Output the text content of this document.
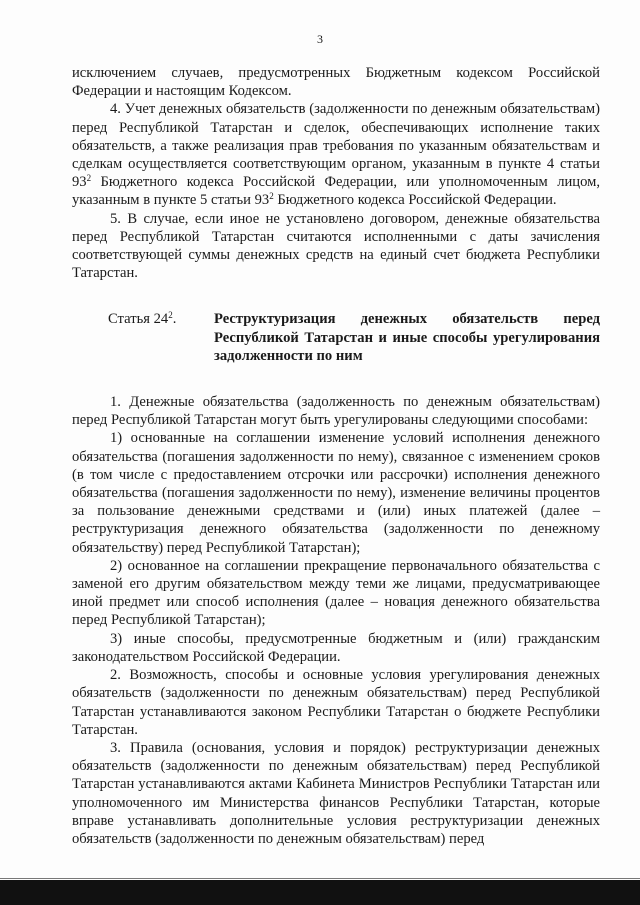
3

исключением случаев, предусмотренных Бюджетным кодексом Российской Федерации и настоящим Кодексом.

4. Учет денежных обязательств (задолженности по денежным обязательствам) перед Республикой Татарстан и сделок, обеспечивающих исполнение таких обязательств, а также реализация прав требования по указанным обязательствам и сделкам осуществляется соответствующим органом, указанным в пункте 4 статьи $93^2$ Бюджетного кодекса Российской Федерации, или уполномоченным лицом, указанным в пункте 5 статьи $93^2$ Бюджетного кодекса Российской Федерации.

5. В случае, если иное не установлено договором, денежные обязательства перед Республикой Татарстан считаются исполненными с даты зачисления соответствующей суммы денежных средств на единый счет бюджета Республики Татарстан.

Статья $24^2$.	Реструктуризация денежных обязательств перед Республикой Татарстан и иные способы урегулирования задолженности по ним

1. Денежные обязательства (задолженность по денежным обязательствам) перед Республикой Татарстан могут быть урегулированы следующими способами:

1) основанные на соглашении изменение условий исполнения денежного обязательства (погашения задолженности по нему), связанное с изменением сроков (в том числе с предоставлением отсрочки или рассрочки) исполнения денежного обязательства (погашения задолженности по нему), изменение величины процентов за пользование денежными средствами и (или) иных платежей (далее – реструктуризация денежного обязательства (задолженности по денежному обязательству) перед Республикой Татарстан);

2) основанное на соглашении прекращение первоначального обязательства с заменой его другим обязательством между теми же лицами, предусматривающее иной предмет или способ исполнения (далее – новация денежного обязательства перед Республикой Татарстан);

3) иные способы, предусмотренные бюджетным и (или) гражданским законодательством Российской Федерации.

2. Возможность, способы и основные условия урегулирования денежных обязательств (задолженности по денежным обязательствам) перед Республикой Татарстан устанавливаются законом Республики Татарстан о бюджете Республики Татарстан.

3. Правила (основания, условия и порядок) реструктуризации денежных обязательств (задолженности по денежным обязательствам) перед Республикой Татарстан устанавливаются актами Кабинета Министров Республики Татарстан или уполномоченного им Министерства финансов Республики Татарстан, которые вправе устанавливать дополнительные условия реструктуризации денежных обязательств (задолженности по денежным обязательствам) перед
